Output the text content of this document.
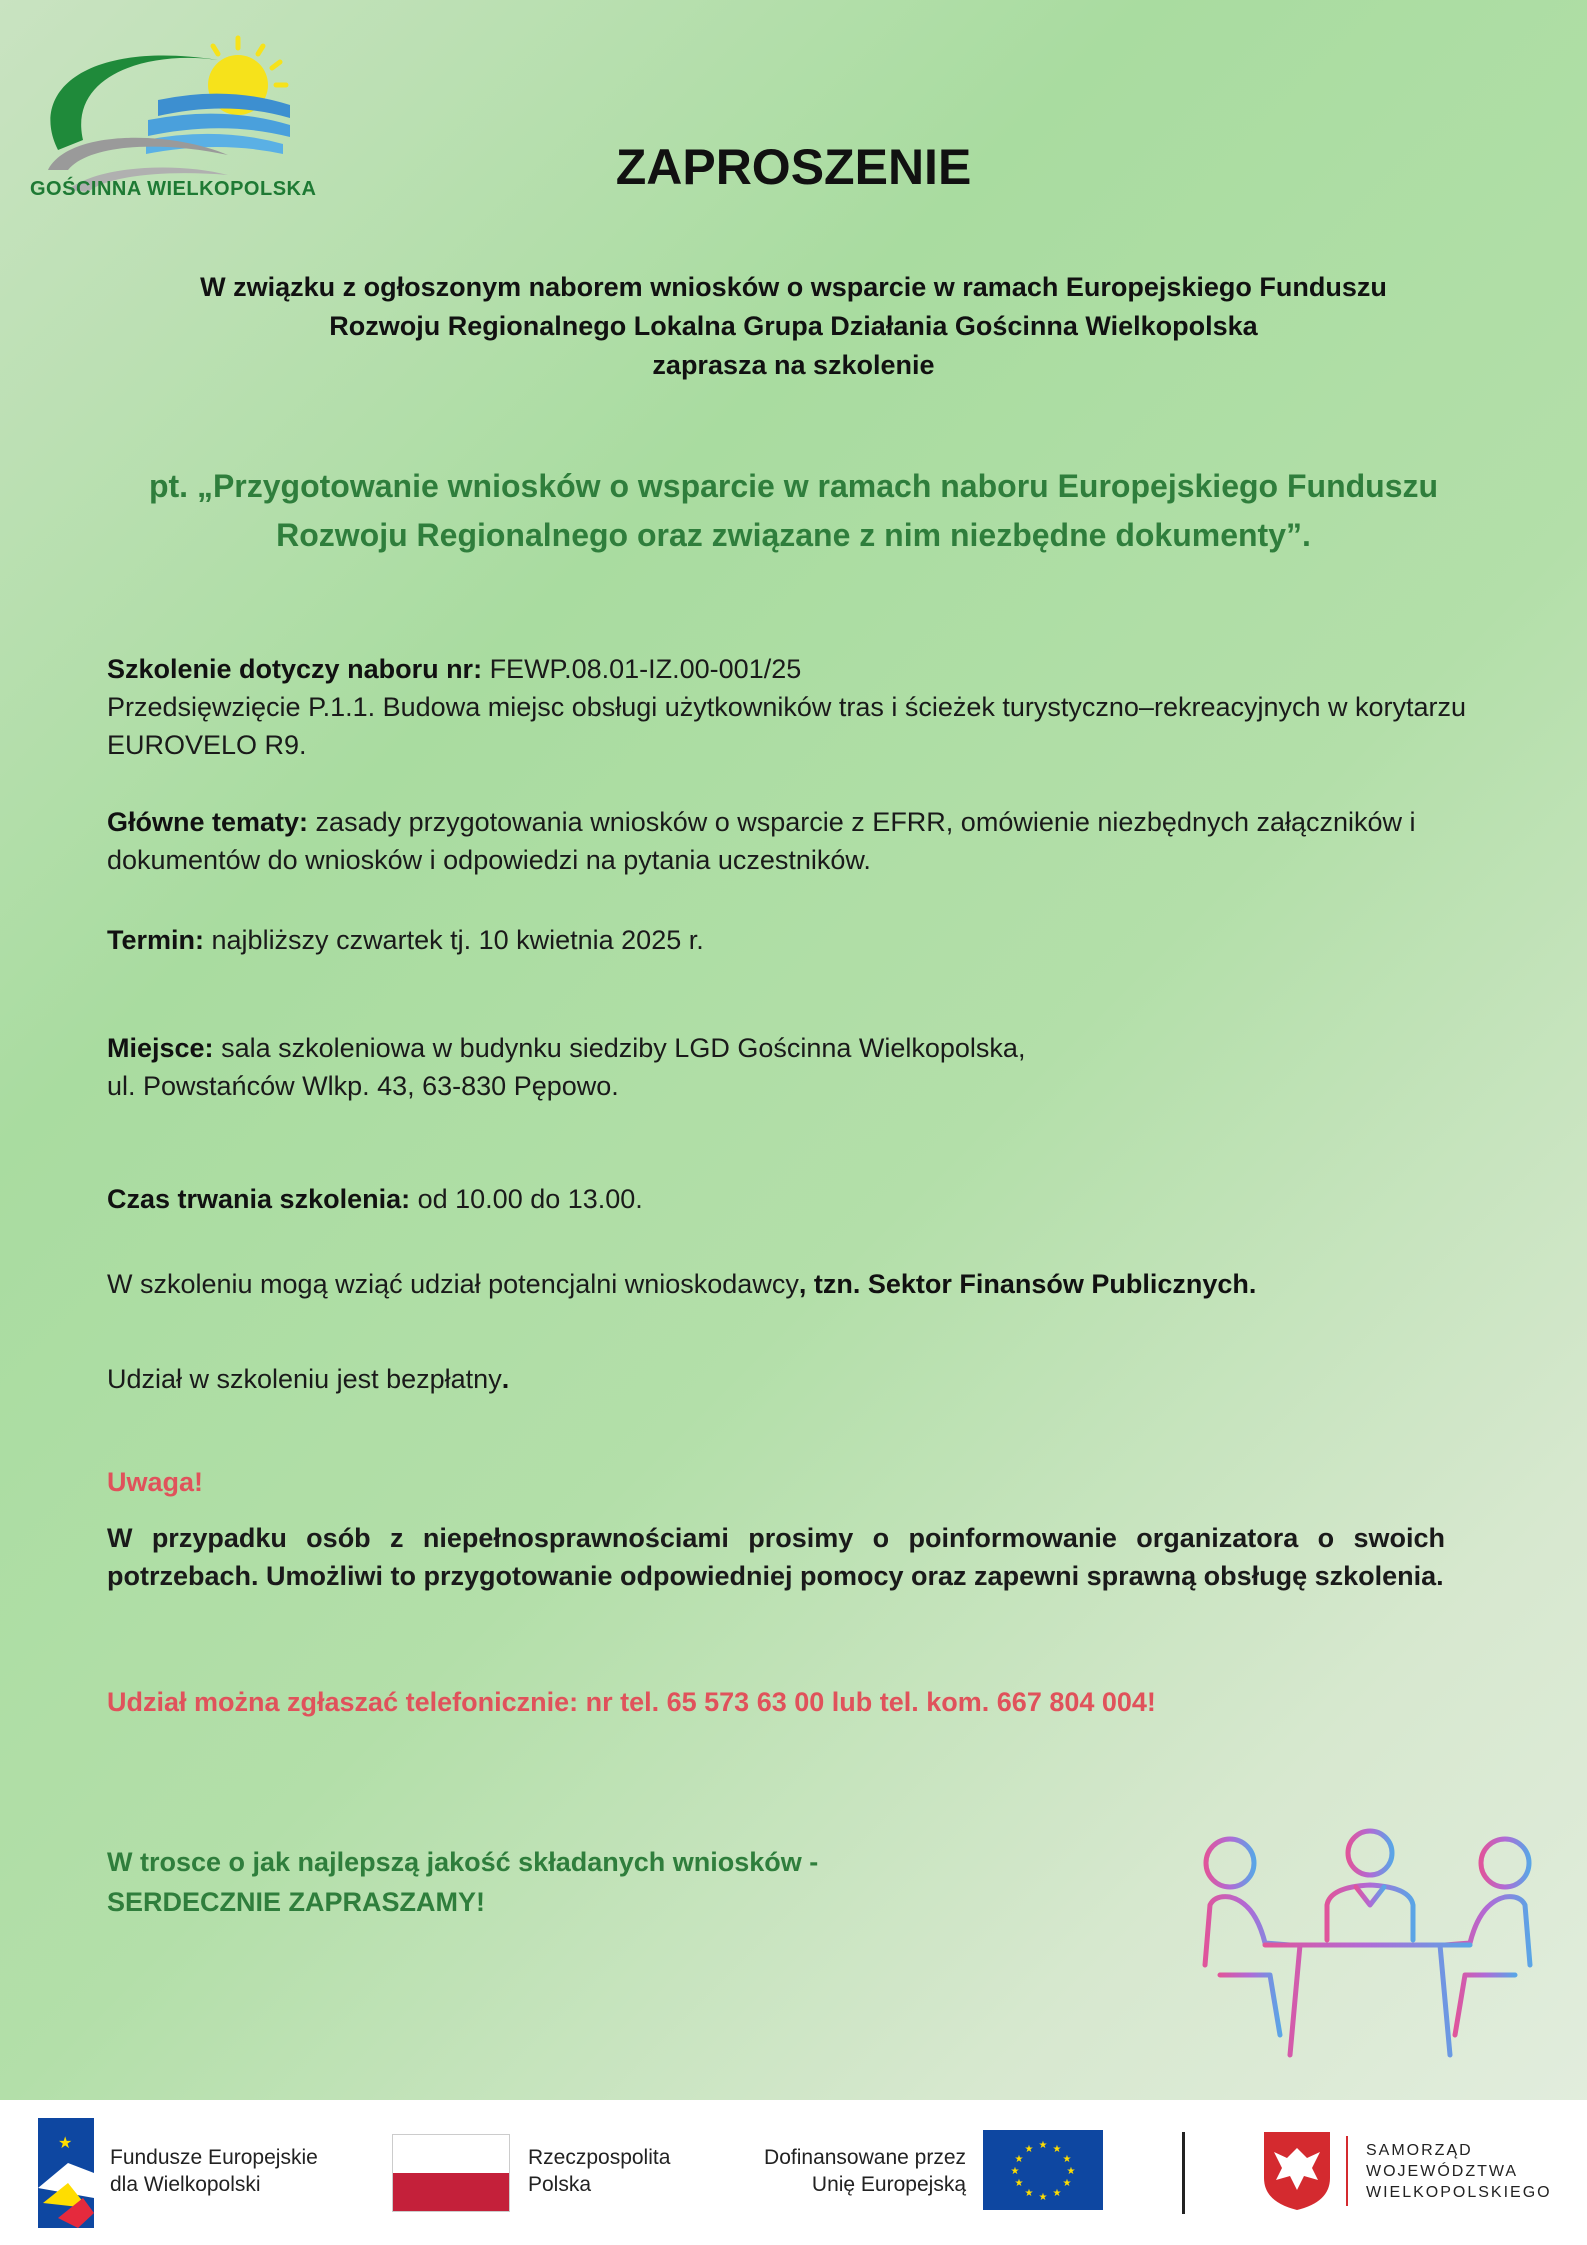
GOŚCINNA WIELKOPOLSKA	ZAPROSZENIE
W związku z ogłoszonym naborem wniosków o wsparcie w ramach Europejskiego Funduszu
Rozwoju Regionalnego Lokalna Grupa Działania Gościnna Wielkopolska
zaprasza na szkolenie
pt. „Przygotowanie wniosków o wsparcie w ramach naboru Europejskiego Funduszu
Rozwoju Regionalnego oraz związane z nim niezbędne dokumenty”.
Szkolenie dotyczy naboru nr: FEWP.08.01-IZ.00-001/25
Przedsięwzięcie P.1.1. Budowa miejsc obsługi użytkowników tras i ścieżek turystyczno–rekreacyjnych w korytarzu EUROVELO R9.
Główne tematy: zasady przygotowania wniosków o wsparcie z EFRR, omówienie niezbędnych załączników i dokumentów do wniosków i odpowiedzi na pytania uczestników.
Termin: najbliższy czwartek tj. 10 kwietnia 2025 r.
Miejsce: sala szkoleniowa w budynku siedziby LGD Gościnna Wielkopolska,
ul. Powstańców Wlkp. 43, 63-830 Pępowo.
Czas trwania szkolenia: od 10.00 do 13.00.
W szkoleniu mogą wziąć udział potencjalni wnioskodawcy, tzn. Sektor Finansów Publicznych.
Udział w szkoleniu jest bezpłatny.
Uwaga!
W przypadku osób z niepełnosprawnościami prosimy o poinformowanie organizatora o swoich potrzebach. Umożliwi to przygotowanie odpowiedniej pomocy oraz zapewni sprawną obsługę szkolenia.
Udział można zgłaszać telefonicznie: nr tel. 65 573 63 00 lub tel. kom. 667 804 004!
W trosce o jak najlepszą jakość składanych wniosków -
SERDECZNIE ZAPRASZAMY!
★
Fundusze Europejskie
dla Wielkopolski
Rzeczpospolita
Polska
Dofinansowane przez
Unię Europejską
★ ★
★
★
★
★
★
★
★
★
★
★	SAMORZĄD
WOJEWÓDZTWA
WIELKOPOLSKIEGO
